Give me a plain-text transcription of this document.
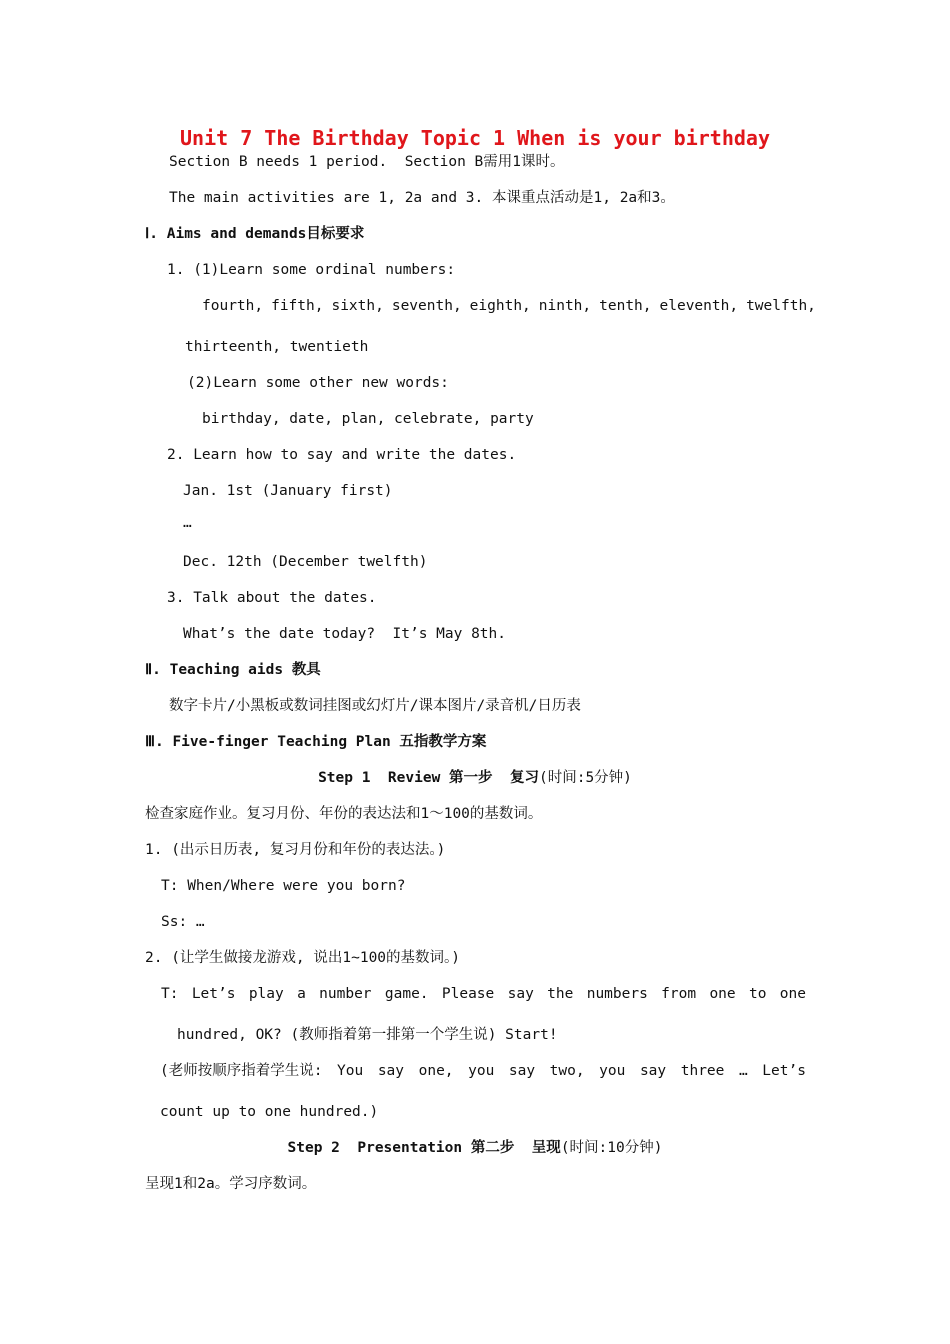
Unit 7 The Birthday Topic 1 When is your birthday
Section B needs 1 period.  Section B需用1课时。
The main activities are 1, 2a and 3. 本课重点活动是1, 2a和3。
Ⅰ. Aims and demands目标要求
1. (1)Learn some ordinal numbers:
fourth, fifth, sixth, seventh, eighth, ninth, tenth, eleventh, twelfth,
thirteenth, twentieth
(2)Learn some other new words:
birthday, date, plan, celebrate, party
2. Learn how to say and write the dates.
Jan. 1st (January first)
…
Dec. 12th (December twelfth)
3. Talk about the dates.
What’s the date today?  It’s May 8th.
Ⅱ. Teaching aids 教具
数字卡片/小黑板或数词挂图或幻灯片/课本图片/录音机/日历表
Ⅲ. Five-finger Teaching Plan 五指教学方案
Step 1  Review 第一步  复习(时间:5分钟)
检查家庭作业。复习月份、年份的表达法和1～100的基数词。
1. (出示日历表, 复习月份和年份的表达法。)
T: When/Where were you born?
Ss: …
2. (让学生做接龙游戏, 说出1~100的基数词。)
T: Let’s play a number game. Please say the numbers from one to one
hundred, OK? (教师指着第一排第一个学生说) Start!
(老师按顺序指着学生说: You say one, you say two, you say three … Let’s
count up to one hundred.)
Step 2  Presentation 第二步  呈现(时间:10分钟)
呈现1和2a。学习序数词。
